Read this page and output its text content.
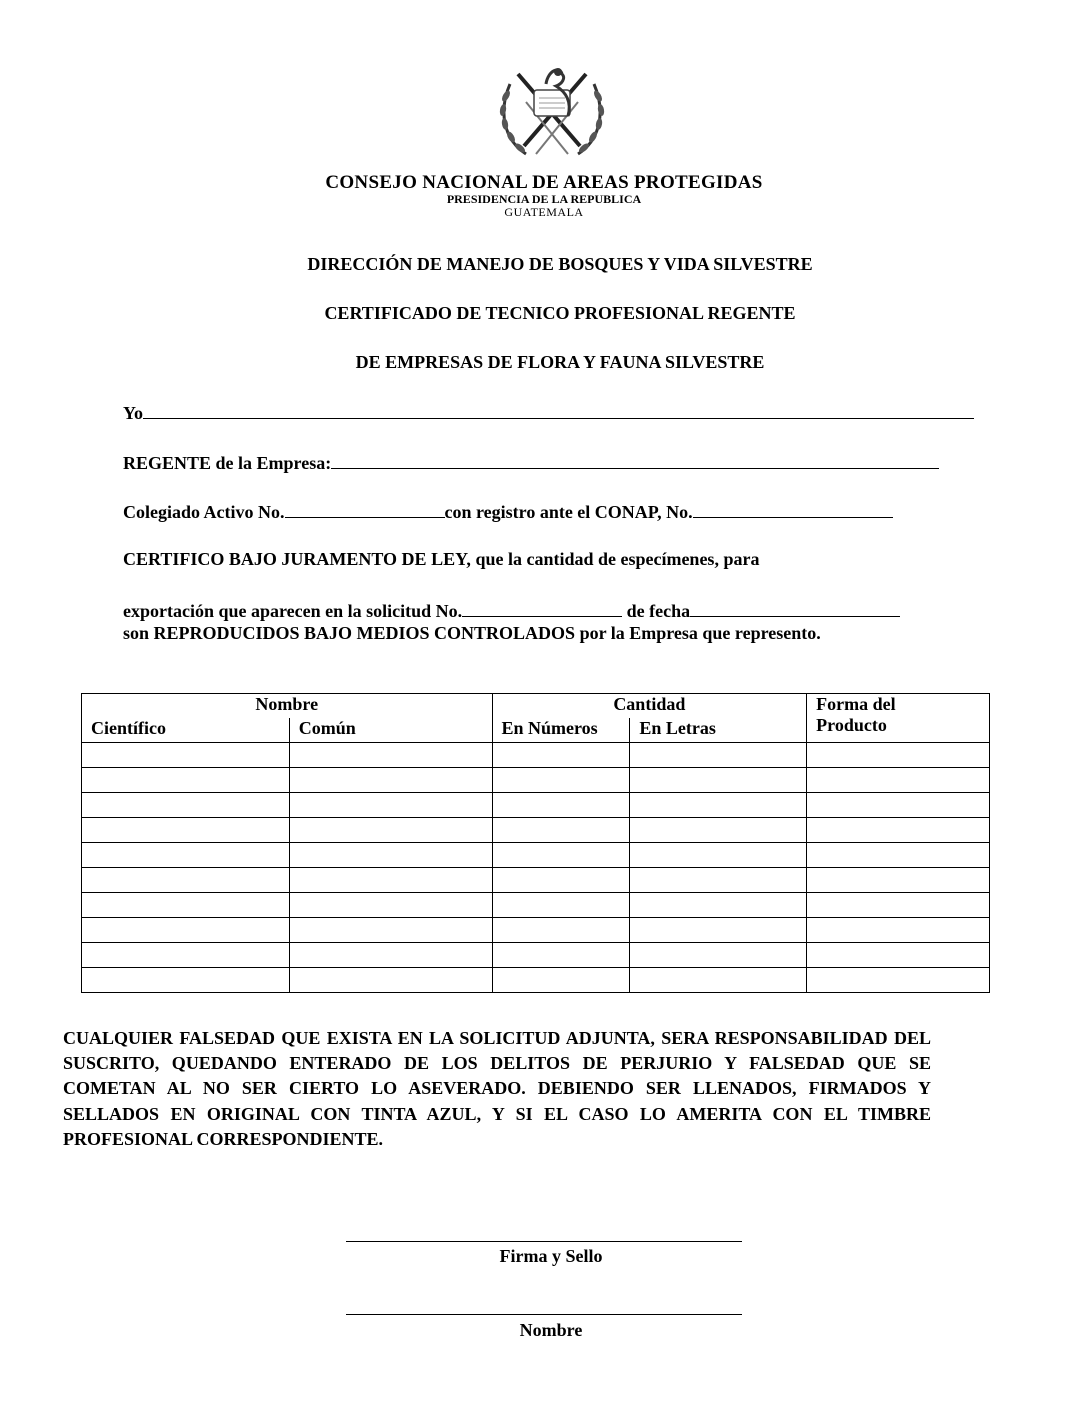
CONSEJO NACIONAL DE AREAS PROTEGIDAS
PRESIDENCIA DE LA REPUBLICA
GUATEMALA
DIRECCIÓN DE MANEJO DE BOSQUES Y VIDA SILVESTRE
CERTIFICADO DE TECNICO PROFESIONAL REGENTE
DE EMPRESAS DE FLORA Y FAUNA SILVESTRE
Yo
REGENTE de la Empresa:
Colegiado Activo No.	con registro ante el CONAP, No.
CERTIFICO BAJO JURAMENTO DE LEY, que la cantidad de especímenes, para
exportación que aparecen en la solicitud No.	de fecha
son REPRODUCIDOS BAJO MEDIOS CONTROLADOS por la Empresa que represento.
Nombre		Cantidad		Forma del
Producto

Científico	Común	En Números	En Letras	

CUALQUIER FALSEDAD QUE EXISTA EN LA SOLICITUD ADJUNTA, SERA RESPONSABILIDAD DEL SUSCRITO, QUEDANDO ENTERADO DE LOS DELITOS DE PERJURIO Y FALSEDAD QUE SE COMETAN AL NO SER CIERTO LO ASEVERADO. DEBIENDO SER LLENADOS, FIRMADOS Y SELLADOS EN ORIGINAL CON TINTA AZUL, Y SI EL CASO LO AMERITA CON EL TIMBRE PROFESIONAL CORRESPONDIENTE.
Firma y Sello
Nombre
